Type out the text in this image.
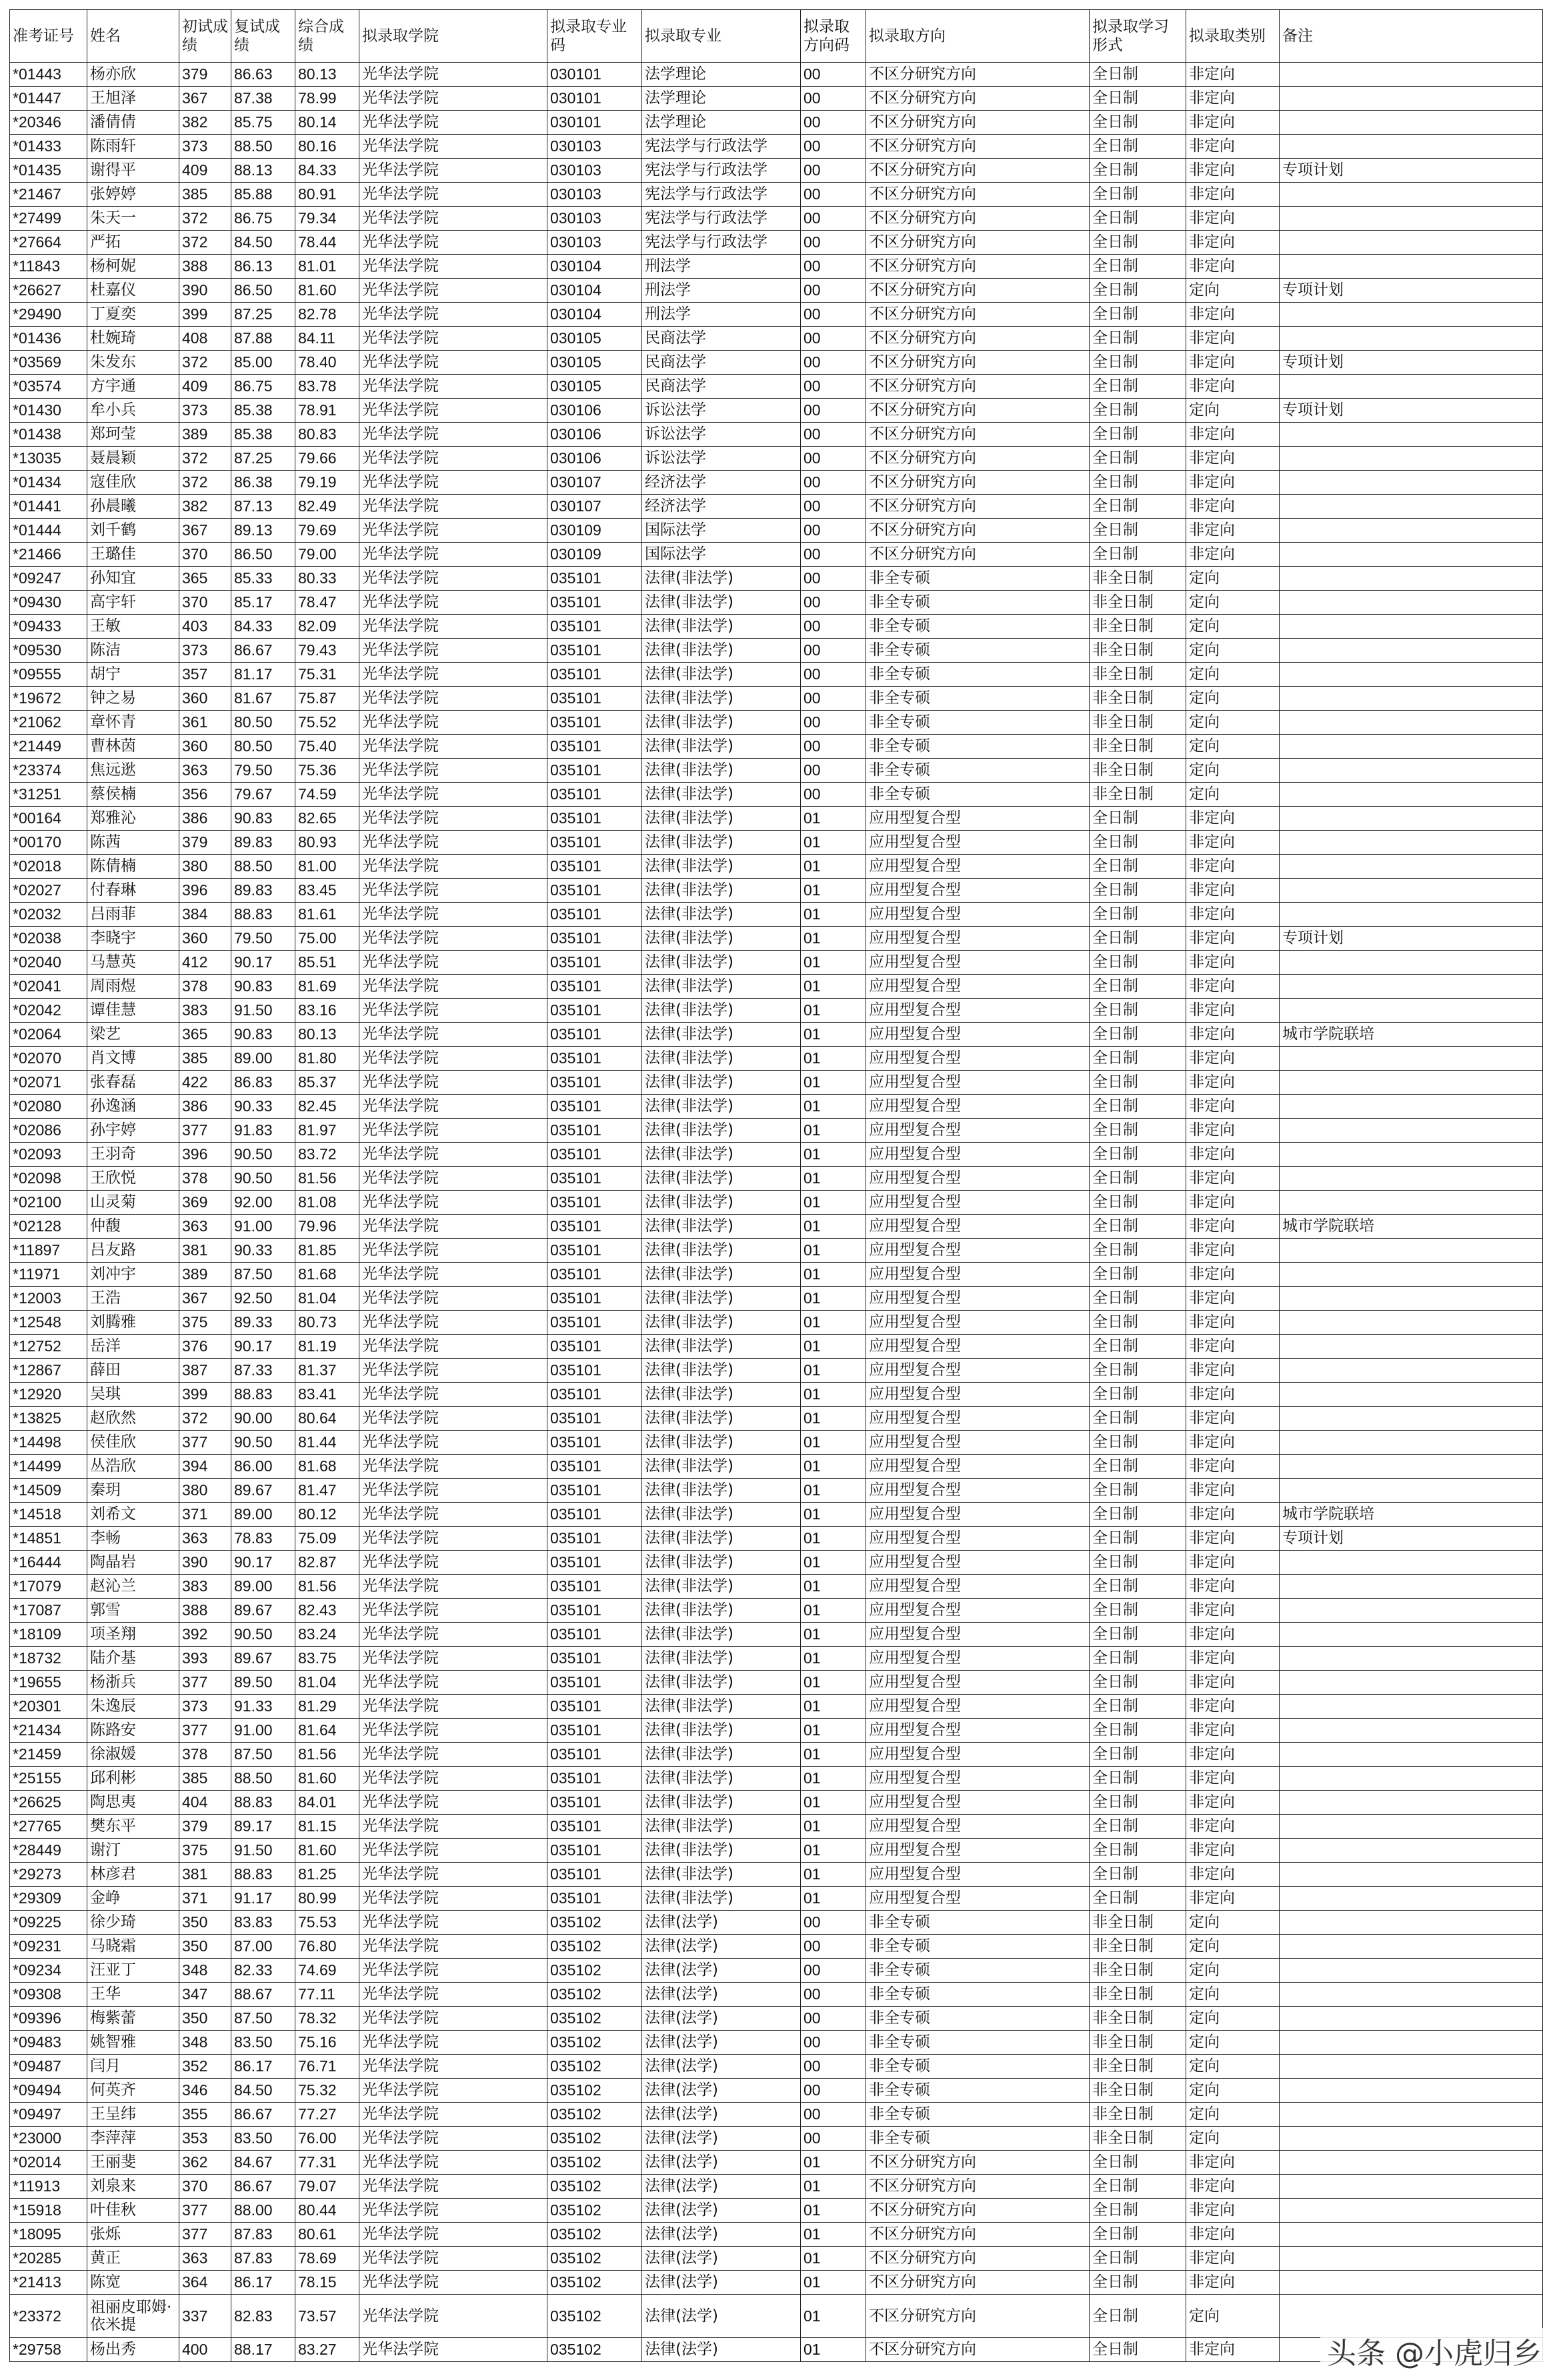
准考证号	姓名	初试成绩	复试成绩	综合成绩	拟录取学院	拟录取专业码	拟录取专业	拟录取方向码	拟录取方向	拟录取学习形式	拟录取类别	备注
*01443	杨亦欣	379	86.63	80.13	光华法学院	030101	法学理论	00	不区分研究方向	全日制	非定向	
*01447	王旭泽	367	87.38	78.99	光华法学院	030101	法学理论	00	不区分研究方向	全日制	非定向	
*20346	潘倩倩	382	85.75	80.14	光华法学院	030101	法学理论	00	不区分研究方向	全日制	非定向	
*01433	陈雨轩	373	88.50	80.16	光华法学院	030103	宪法学与行政法学	00	不区分研究方向	全日制	非定向	
*01435	谢得平	409	88.13	84.33	光华法学院	030103	宪法学与行政法学	00	不区分研究方向	全日制	非定向	专项计划
*21467	张婷婷	385	85.88	80.91	光华法学院	030103	宪法学与行政法学	00	不区分研究方向	全日制	非定向	
*27499	朱天一	372	86.75	79.34	光华法学院	030103	宪法学与行政法学	00	不区分研究方向	全日制	非定向	
*27664	严拓	372	84.50	78.44	光华法学院	030103	宪法学与行政法学	00	不区分研究方向	全日制	非定向	
*11843	杨柯妮	388	86.13	81.01	光华法学院	030104	刑法学	00	不区分研究方向	全日制	非定向	
*26627	杜嘉仪	390	86.50	81.60	光华法学院	030104	刑法学	00	不区分研究方向	全日制	定向	专项计划
*29490	丁夏奕	399	87.25	82.78	光华法学院	030104	刑法学	00	不区分研究方向	全日制	非定向	
*01436	杜婉琦	408	87.88	84.11	光华法学院	030105	民商法学	00	不区分研究方向	全日制	非定向	
*03569	朱发东	372	85.00	78.40	光华法学院	030105	民商法学	00	不区分研究方向	全日制	非定向	专项计划
*03574	方宇通	409	86.75	83.78	光华法学院	030105	民商法学	00	不区分研究方向	全日制	非定向	
*01430	牟小兵	373	85.38	78.91	光华法学院	030106	诉讼法学	00	不区分研究方向	全日制	定向	专项计划
*01438	郑珂莹	389	85.38	80.83	光华法学院	030106	诉讼法学	00	不区分研究方向	全日制	非定向	
*13035	聂晨颖	372	87.25	79.66	光华法学院	030106	诉讼法学	00	不区分研究方向	全日制	非定向	
*01434	寇佳欣	372	86.38	79.19	光华法学院	030107	经济法学	00	不区分研究方向	全日制	非定向	
*01441	孙晨曦	382	87.13	82.49	光华法学院	030107	经济法学	00	不区分研究方向	全日制	非定向	
*01444	刘千鹤	367	89.13	79.69	光华法学院	030109	国际法学	00	不区分研究方向	全日制	非定向	
*21466	王璐佳	370	86.50	79.00	光华法学院	030109	国际法学	00	不区分研究方向	全日制	非定向	
*09247	孙知宜	365	85.33	80.33	光华法学院	035101	法律(非法学)	00	非全专硕	非全日制	定向	
*09430	高宇轩	370	85.17	78.47	光华法学院	035101	法律(非法学)	00	非全专硕	非全日制	定向	
*09433	王敏	403	84.33	82.09	光华法学院	035101	法律(非法学)	00	非全专硕	非全日制	定向	
*09530	陈洁	373	86.67	79.43	光华法学院	035101	法律(非法学)	00	非全专硕	非全日制	定向	
*09555	胡宁	357	81.17	75.31	光华法学院	035101	法律(非法学)	00	非全专硕	非全日制	定向	
*19672	钟之易	360	81.67	75.87	光华法学院	035101	法律(非法学)	00	非全专硕	非全日制	定向	
*21062	章怀青	361	80.50	75.52	光华法学院	035101	法律(非法学)	00	非全专硕	非全日制	定向	
*21449	曹林茵	360	80.50	75.40	光华法学院	035101	法律(非法学)	00	非全专硕	非全日制	定向	
*23374	焦远逖	363	79.50	75.36	光华法学院	035101	法律(非法学)	00	非全专硕	非全日制	定向	
*31251	蔡侯楠	356	79.67	74.59	光华法学院	035101	法律(非法学)	00	非全专硕	非全日制	定向	
*00164	郑雅沁	386	90.83	82.65	光华法学院	035101	法律(非法学)	01	应用型复合型	全日制	非定向	
*00170	陈茜	379	89.83	80.93	光华法学院	035101	法律(非法学)	01	应用型复合型	全日制	非定向	
*02018	陈倩楠	380	88.50	81.00	光华法学院	035101	法律(非法学)	01	应用型复合型	全日制	非定向	
*02027	付春琳	396	89.83	83.45	光华法学院	035101	法律(非法学)	01	应用型复合型	全日制	非定向	
*02032	吕雨菲	384	88.83	81.61	光华法学院	035101	法律(非法学)	01	应用型复合型	全日制	非定向	
*02038	李晓宇	360	79.50	75.00	光华法学院	035101	法律(非法学)	01	应用型复合型	全日制	非定向	专项计划
*02040	马慧英	412	90.17	85.51	光华法学院	035101	法律(非法学)	01	应用型复合型	全日制	非定向	
*02041	周雨煜	378	90.83	81.69	光华法学院	035101	法律(非法学)	01	应用型复合型	全日制	非定向	
*02042	谭佳慧	383	91.50	83.16	光华法学院	035101	法律(非法学)	01	应用型复合型	全日制	非定向	
*02064	梁艺	365	90.83	80.13	光华法学院	035101	法律(非法学)	01	应用型复合型	全日制	非定向	城市学院联培
*02070	肖文博	385	89.00	81.80	光华法学院	035101	法律(非法学)	01	应用型复合型	全日制	非定向	
*02071	张春磊	422	86.83	85.37	光华法学院	035101	法律(非法学)	01	应用型复合型	全日制	非定向	
*02080	孙逸涵	386	90.33	82.45	光华法学院	035101	法律(非法学)	01	应用型复合型	全日制	非定向	
*02086	孙宇婷	377	91.83	81.97	光华法学院	035101	法律(非法学)	01	应用型复合型	全日制	非定向	
*02093	王羽奇	396	90.50	83.72	光华法学院	035101	法律(非法学)	01	应用型复合型	全日制	非定向	
*02098	王欣悦	378	90.50	81.56	光华法学院	035101	法律(非法学)	01	应用型复合型	全日制	非定向	
*02100	山灵菊	369	92.00	81.08	光华法学院	035101	法律(非法学)	01	应用型复合型	全日制	非定向	
*02128	仲馥	363	91.00	79.96	光华法学院	035101	法律(非法学)	01	应用型复合型	全日制	非定向	城市学院联培
*11897	吕友路	381	90.33	81.85	光华法学院	035101	法律(非法学)	01	应用型复合型	全日制	非定向	
*11971	刘冲宇	389	87.50	81.68	光华法学院	035101	法律(非法学)	01	应用型复合型	全日制	非定向	
*12003	王浩	367	92.50	81.04	光华法学院	035101	法律(非法学)	01	应用型复合型	全日制	非定向	
*12548	刘腾雅	375	89.33	80.73	光华法学院	035101	法律(非法学)	01	应用型复合型	全日制	非定向	
*12752	岳洋	376	90.17	81.19	光华法学院	035101	法律(非法学)	01	应用型复合型	全日制	非定向	
*12867	薛田	387	87.33	81.37	光华法学院	035101	法律(非法学)	01	应用型复合型	全日制	非定向	
*12920	吴琪	399	88.83	83.41	光华法学院	035101	法律(非法学)	01	应用型复合型	全日制	非定向	
*13825	赵欣然	372	90.00	80.64	光华法学院	035101	法律(非法学)	01	应用型复合型	全日制	非定向	
*14498	侯佳欣	377	90.50	81.44	光华法学院	035101	法律(非法学)	01	应用型复合型	全日制	非定向	
*14499	丛浩欣	394	86.00	81.68	光华法学院	035101	法律(非法学)	01	应用型复合型	全日制	非定向	
*14509	秦玥	380	89.67	81.47	光华法学院	035101	法律(非法学)	01	应用型复合型	全日制	非定向	
*14518	刘希文	371	89.00	80.12	光华法学院	035101	法律(非法学)	01	应用型复合型	全日制	非定向	城市学院联培
*14851	李畅	363	78.83	75.09	光华法学院	035101	法律(非法学)	01	应用型复合型	全日制	非定向	专项计划
*16444	陶晶岩	390	90.17	82.87	光华法学院	035101	法律(非法学)	01	应用型复合型	全日制	非定向	
*17079	赵沁兰	383	89.00	81.56	光华法学院	035101	法律(非法学)	01	应用型复合型	全日制	非定向	
*17087	郭雪	388	89.67	82.43	光华法学院	035101	法律(非法学)	01	应用型复合型	全日制	非定向	
*18109	项圣翔	392	90.50	83.24	光华法学院	035101	法律(非法学)	01	应用型复合型	全日制	非定向	
*18732	陆介基	393	89.67	83.75	光华法学院	035101	法律(非法学)	01	应用型复合型	全日制	非定向	
*19655	杨浙兵	377	89.50	81.04	光华法学院	035101	法律(非法学)	01	应用型复合型	全日制	非定向	
*20301	朱逸辰	373	91.33	81.29	光华法学院	035101	法律(非法学)	01	应用型复合型	全日制	非定向	
*21434	陈路安	377	91.00	81.64	光华法学院	035101	法律(非法学)	01	应用型复合型	全日制	非定向	
*21459	徐淑媛	378	87.50	81.56	光华法学院	035101	法律(非法学)	01	应用型复合型	全日制	非定向	
*25155	邱利彬	385	88.50	81.60	光华法学院	035101	法律(非法学)	01	应用型复合型	全日制	非定向	
*26625	陶思夷	404	88.83	84.01	光华法学院	035101	法律(非法学)	01	应用型复合型	全日制	非定向	
*27765	樊东平	379	89.17	81.15	光华法学院	035101	法律(非法学)	01	应用型复合型	全日制	非定向	
*28449	谢汀	375	91.50	81.60	光华法学院	035101	法律(非法学)	01	应用型复合型	全日制	非定向	
*29273	林彦君	381	88.83	81.25	光华法学院	035101	法律(非法学)	01	应用型复合型	全日制	非定向	
*29309	金峥	371	91.17	80.99	光华法学院	035101	法律(非法学)	01	应用型复合型	全日制	非定向	
*09225	徐少琦	350	83.83	75.53	光华法学院	035102	法律(法学)	00	非全专硕	非全日制	定向	
*09231	马晓霜	350	87.00	76.80	光华法学院	035102	法律(法学)	00	非全专硕	非全日制	定向	
*09234	汪亚丁	348	82.33	74.69	光华法学院	035102	法律(法学)	00	非全专硕	非全日制	定向	
*09308	王华	347	88.67	77.11	光华法学院	035102	法律(法学)	00	非全专硕	非全日制	定向	
*09396	梅紫蕾	350	87.50	78.32	光华法学院	035102	法律(法学)	00	非全专硕	非全日制	定向	
*09483	姚智雅	348	83.50	75.16	光华法学院	035102	法律(法学)	00	非全专硕	非全日制	定向	
*09487	闫月	352	86.17	76.71	光华法学院	035102	法律(法学)	00	非全专硕	非全日制	定向	
*09494	何英齐	346	84.50	75.32	光华法学院	035102	法律(法学)	00	非全专硕	非全日制	定向	
*09497	王呈纬	355	86.67	77.27	光华法学院	035102	法律(法学)	00	非全专硕	非全日制	定向	
*23000	李萍萍	353	83.50	76.00	光华法学院	035102	法律(法学)	00	非全专硕	非全日制	定向	
*02014	王丽斐	362	84.67	77.31	光华法学院	035102	法律(法学)	01	不区分研究方向	全日制	非定向	
*11913	刘泉来	370	86.67	79.07	光华法学院	035102	法律(法学)	01	不区分研究方向	全日制	非定向	
*15918	叶佳秋	377	88.00	80.44	光华法学院	035102	法律(法学)	01	不区分研究方向	全日制	非定向	
*18095	张烁	377	87.83	80.61	光华法学院	035102	法律(法学)	01	不区分研究方向	全日制	非定向	
*20285	黄正	363	87.83	78.69	光华法学院	035102	法律(法学)	01	不区分研究方向	全日制	非定向	
*21413	陈宽	364	86.17	78.15	光华法学院	035102	法律(法学)	01	不区分研究方向	全日制	非定向	
*23372	祖丽皮耶姆·依米提	337	82.83	73.57	光华法学院	035102	法律(法学)	01	不区分研究方向	全日制	定向	
*29758	杨出秀	400	88.17	83.27	光华法学院	035102	法律(法学)	01	不区分研究方向	全日制	非定向		头条 @小虎归乡
